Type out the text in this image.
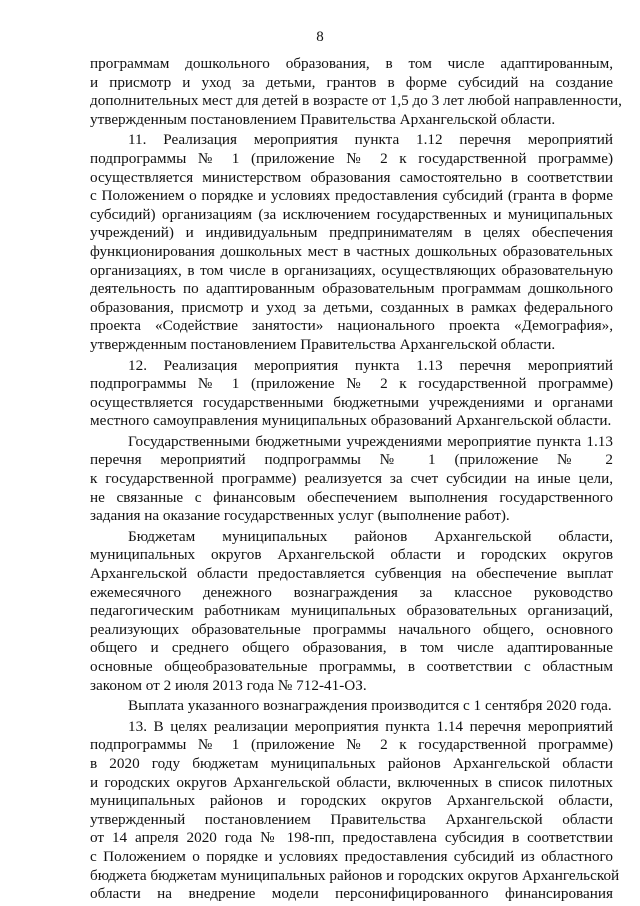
8
программам дошкольного образования, в том числе адаптированным,
и присмотр и уход за детьми, грантов в форме субсидий на создание
дополнительных мест для детей в возрасте от 1,5 до 3 лет любой направленности,
утвержденным постановлением Правительства Архангельской области.
11. Реализация мероприятия пункта 1.12 перечня мероприятий
подпрограммы № 1 (приложение № 2 к государственной программе)
осуществляется министерством образования самостоятельно в соответствии
с Положением о порядке и условиях предоставления субсидий (гранта в форме
субсидий) организациям (за исключением государственных и муниципальных
учреждений) и индивидуальным предпринимателям в целях обеспечения
функционирования дошкольных мест в частных дошкольных образовательных
организациях, в том числе в организациях, осуществляющих образовательную
деятельность по адаптированным образовательным программам дошкольного
образования, присмотр и уход за детьми, созданных в рамках федерального
проекта «Содействие занятости» национального проекта «Демография»,
утвержденным постановлением Правительства Архангельской области.
12. Реализация мероприятия пункта 1.13 перечня мероприятий
подпрограммы № 1 (приложение № 2 к государственной программе)
осуществляется государственными бюджетными учреждениями и органами
местного самоуправления муниципальных образований Архангельской области.
Государственными бюджетными учреждениями мероприятие пункта 1.13
перечня мероприятий подпрограммы № 1 (приложение № 2
к государственной программе) реализуется за счет субсидии на иные цели,
не связанные с финансовым обеспечением выполнения государственного
задания на оказание государственных услуг (выполнение работ).
Бюджетам муниципальных районов Архангельской области,
муниципальных округов Архангельской области и городских округов
Архангельской области предоставляется субвенция на обеспечение выплат
ежемесячного денежного вознаграждения за классное руководство
педагогическим работникам муниципальных образовательных организаций,
реализующих образовательные программы начального общего, основного
общего и среднего общего образования, в том числе адаптированные
основные общеобразовательные программы, в соответствии с областным
законом от 2 июля 2013 года № 712-41-ОЗ.
Выплата указанного вознаграждения производится с 1 сентября 2020 года.
13. В целях реализации мероприятия пункта 1.14 перечня мероприятий
подпрограммы № 1 (приложение № 2 к государственной программе)
в 2020 году бюджетам муниципальных районов Архангельской области
и городских округов Архангельской области, включенных в список пилотных
муниципальных районов и городских округов Архангельской области,
утвержденный постановлением Правительства Архангельской области
от 14 апреля 2020 года № 198-пп, предоставлена субсидия в соответствии
с Положением о порядке и условиях предоставления субсидий из областного
бюджета бюджетам муниципальных районов и городских округов Архангельской
области на внедрение модели персонифицированного финансирования
